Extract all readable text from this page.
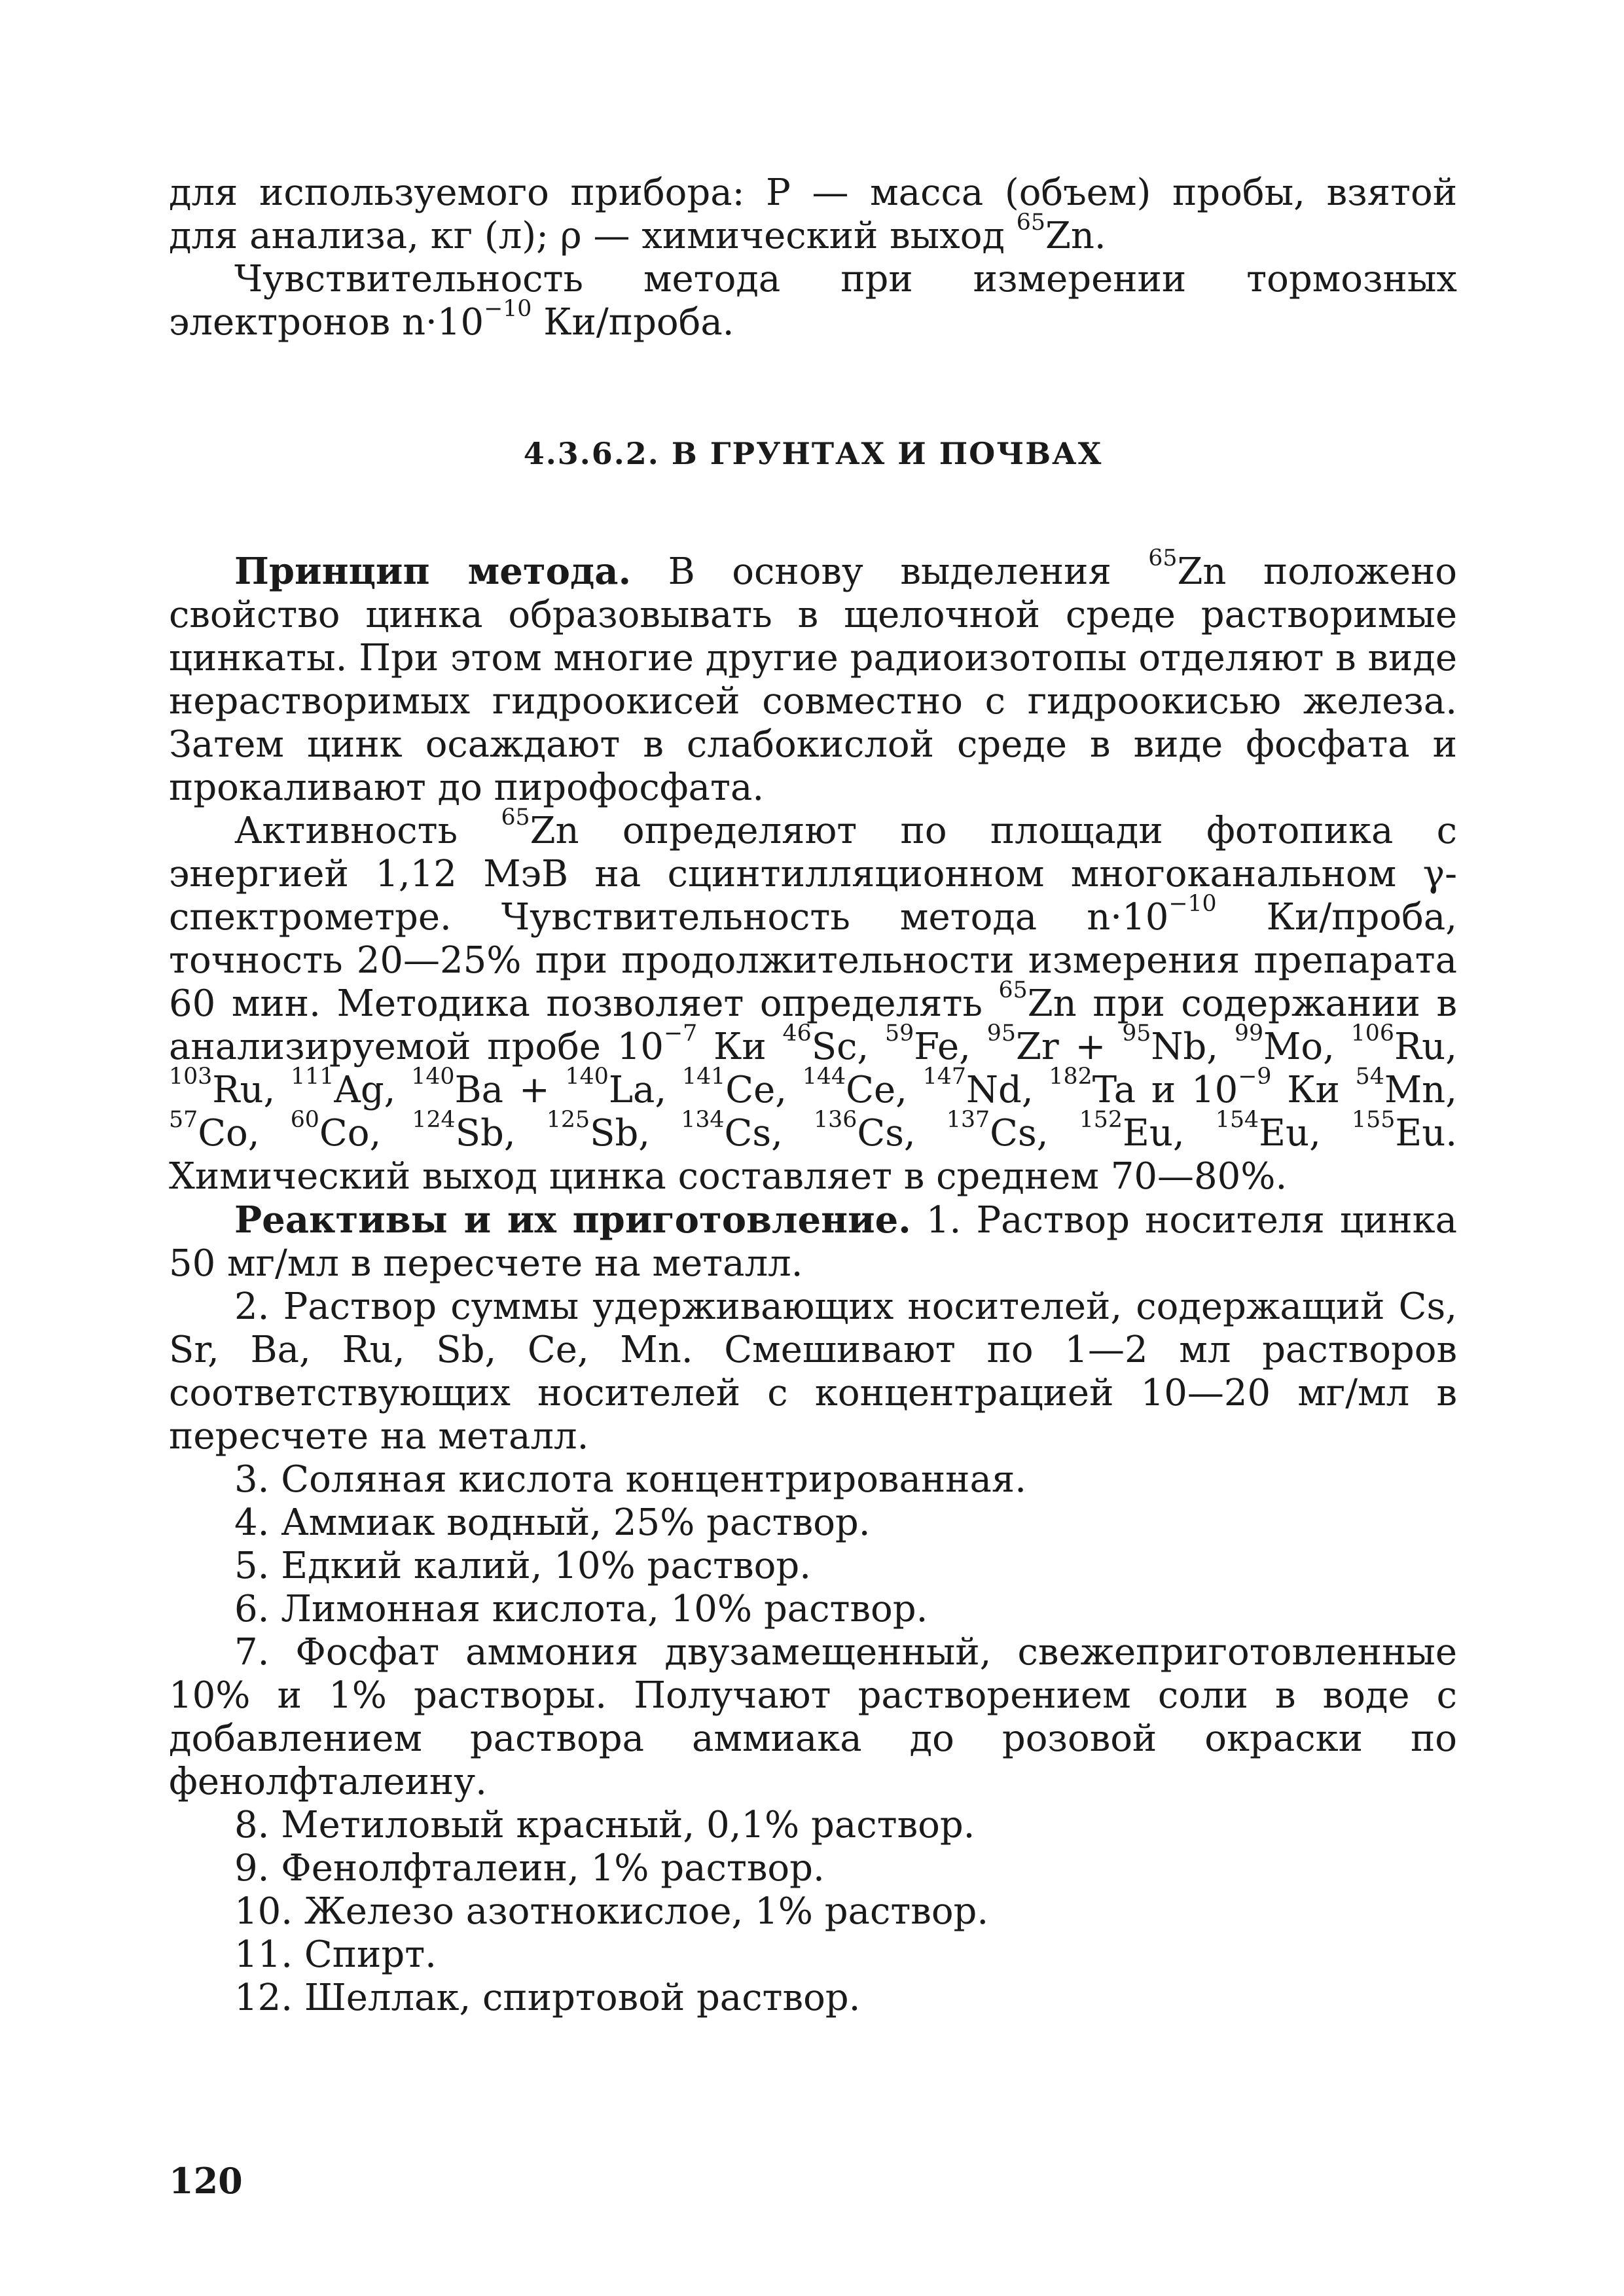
для используемого прибора: P — масса (объем) пробы, взятой для анализа, кг (л); ρ — химический выход $^{65}$Zn.

Чувствительность метода при измерении тормозных электронов $n\cdot 10^{-10}$ Ки/проба.

4.3.6.2. В ГРУНТАХ И ПОЧВАХ

Принцип метода. В основу выделения $^{65}$Zn положено свойство цинка образовывать в щелочной среде растворимые цинкаты. При этом многие другие радиоизотопы отделяют в виде нерастворимых гидроокисей совместно с гидроокисью железа. Затем цинк осаждают в слабокислой среде в виде фосфата и прокаливают до пирофосфата.

Активность $^{65}$Zn определяют по площади фотопика с энергией 1,12 МэВ на сцинтилляционном многоканальном γ-спектрометре. Чувствительность метода $n\cdot 10^{-10}$ Ки/проба, точность 20—25% при продолжительности измерения препарата 60 мин. Методика позволяет определять $^{65}$Zn при содержании в анализируемой пробе $10^{-7}$ Ки $^{46}$Sc, $^{59}$Fe, $^{95}$Zr + $^{95}$Nb, $^{99}$Mo, $^{106}$Ru, $^{103}$Ru, $^{111}$Ag, $^{140}$Ba + $^{140}$La, $^{141}$Ce, $^{144}$Ce, $^{147}$Nd, $^{182}$Ta и $10^{-9}$ Ки $^{54}$Mn, $^{57}$Co, $^{60}$Co, $^{124}$Sb, $^{125}$Sb, $^{134}$Cs, $^{136}$Cs, $^{137}$Cs, $^{152}$Eu, $^{154}$Eu, $^{155}$Eu. Химический выход цинка составляет в среднем 70—80%.

Реактивы и их приготовление. 1. Раствор носителя цинка 50 мг/мл в пересчете на металл.

2. Раствор суммы удерживающих носителей, содержащий Cs, Sr, Ba, Ru, Sb, Ce, Mn. Смешивают по 1—2 мл растворов соответствующих носителей с концентрацией 10—20 мг/мл в пересчете на металл.

3. Соляная кислота концентрированная.

4. Аммиак водный, 25% раствор.

5. Едкий калий, 10% раствор.

6. Лимонная кислота, 10% раствор.

7. Фосфат аммония двузамещенный, свежеприготовленные 10% и 1% растворы. Получают растворением соли в воде с добавлением раствора аммиака до розовой окраски по фенолфталеину.

8. Метиловый красный, 0,1% раствор.

9. Фенолфталеин, 1% раствор.

10. Железо азотнокислое, 1% раствор.

11. Спирт.

12. Шеллак, спиртовой раствор.

120
